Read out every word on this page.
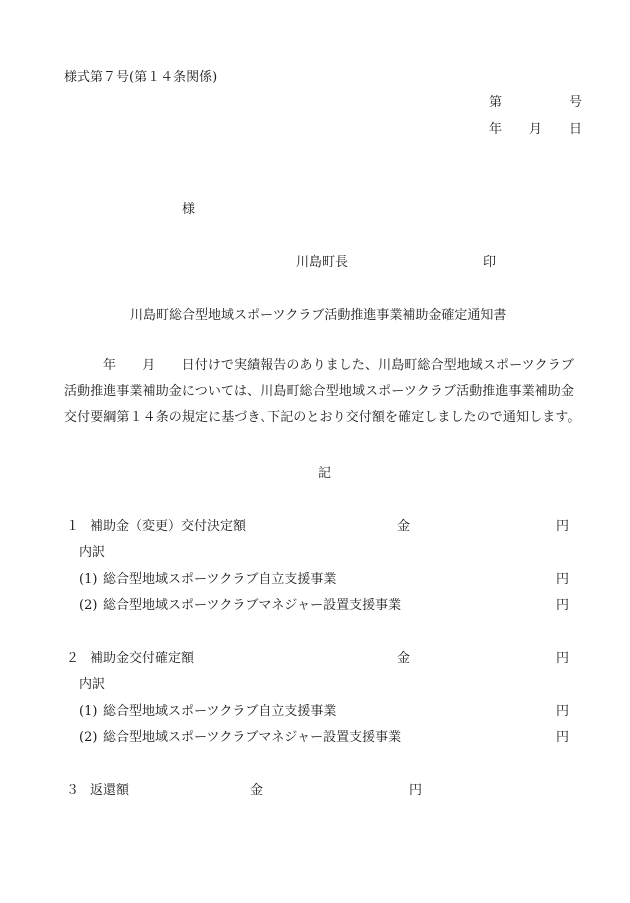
様式第７号(第１４条関係)
第	号
年 月 日
様
川島町長	印
川島町総合型地域スポーツクラブ活動推進事業補助金確定通知書
年　　月　　日付けで実績報告のありました、川島町総合型地域スポーツクラブ活動推進事業補助金については、川島町総合型地域スポーツクラブ活動推進事業補助金交付要綱第１４条の規定に基づき､下記のとおり交付額を確定しましたので通知します。
記
１ 補助金（変更）交付決定額	金	円
内訳
(1) 総合型地域スポーツクラブ自立支援事業	円
(2) 総合型地域スポーツクラブマネジャー設置支援事業	円
２ 補助金交付確定額	金	円
内訳
(1) 総合型地域スポーツクラブ自立支援事業	円
(2) 総合型地域スポーツクラブマネジャー設置支援事業	円
３ 返還額	金	円
